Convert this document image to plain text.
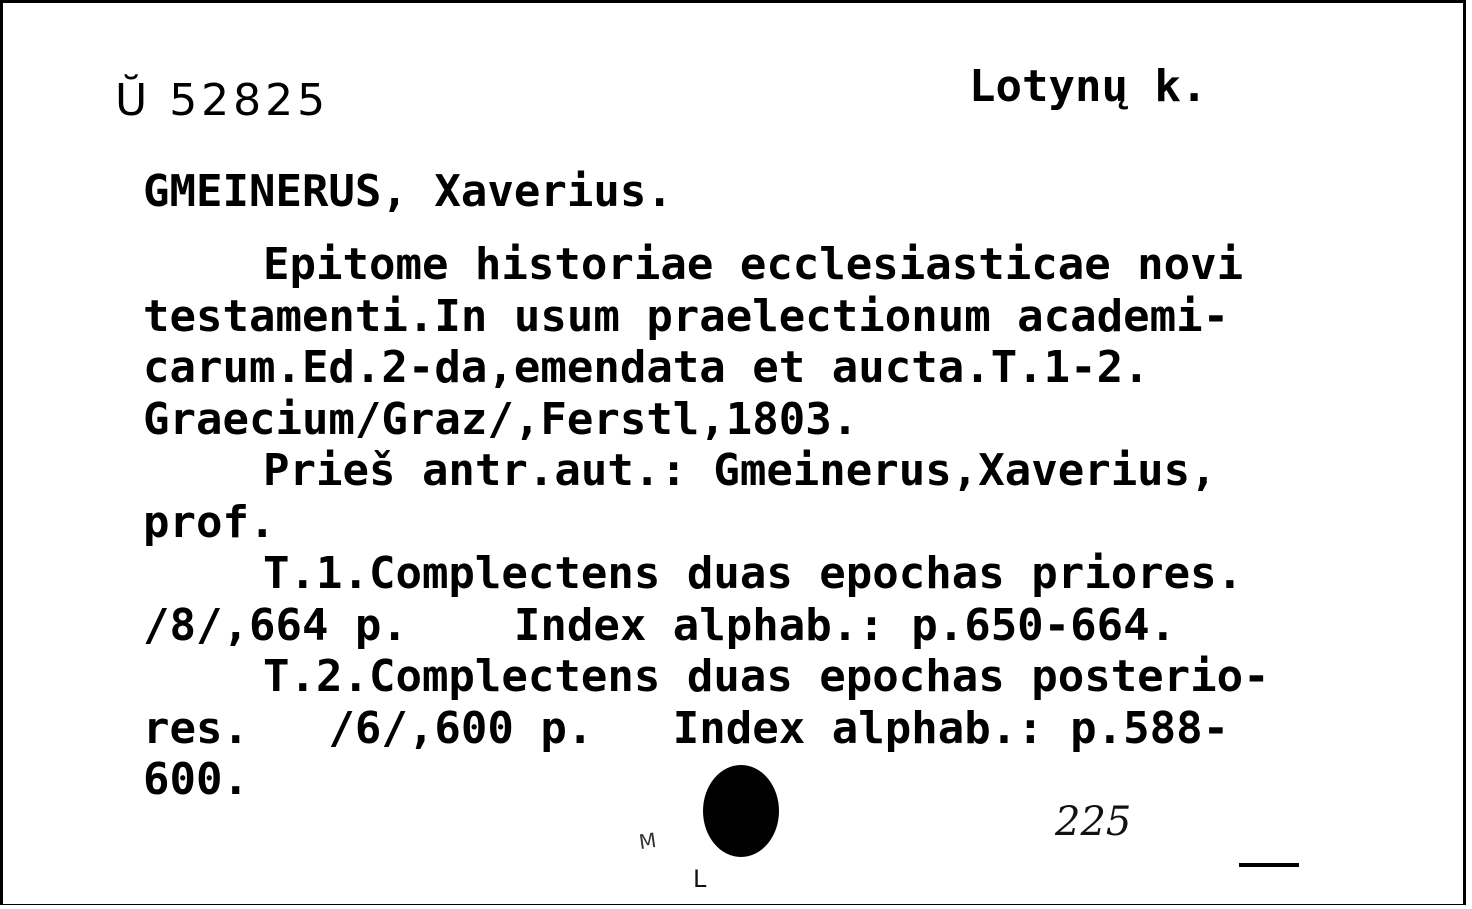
Ŭ 52825	Lotynų k.
GMEINERUS, Xaverius.
Epitome historiae ecclesiasticae novi
testamenti.In usum praelectionum academi-
carum.Ed.2-da,emendata et aucta.T.1-2.
Graecium/Graz/,Ferstl,1803.
Prieš antr.aut.: Gmeinerus,Xaverius,
prof.
T.1.Complectens duas epochas priores.
/8/,664 p.    Index alphab.: p.650-664.
T.2.Complectens duas epochas posterio-
res.   /6/,600 p.   Index alphab.: p.588-
600.
M
L
225
